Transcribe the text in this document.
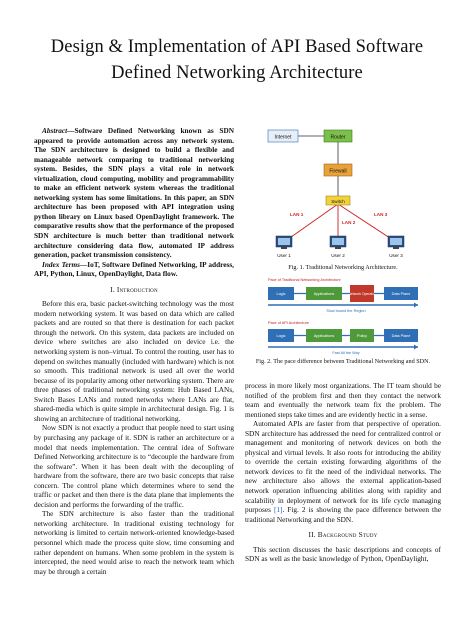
Design & Implementation of API Based Software
Defined Networking Architecture

Abstract—Software Defined Networking known as SDN appeared to provide automation across any network system. The SDN architecture is designed to build a flexible and manageable network comparing to traditional networking system. Besides, the SDN plays a vital role in network virtualization, cloud computing, mobility and programmability to make an efficient network system whereas the traditional networking system has some limitations. In this paper, an SDN architecture has been proposed with API integration using python library on Linux based OpenDaylight framework. The comparative results show that the performance of the proposed SDN architecture is much better than traditional network architecture considering data flow, automated IP address generation, packet transmission consistency.

Index Terms—IoT, Software Defined Networking, IP address, API, Python, Linux, OpenDaylight, Data flow.

I. Introduction

Before this era, basic packet-switching technology was the most modern networking system. It was based on data which are called packets and are routed so that there is destination for each packet through the network. On this system, data packets are included on device where switches are also included on device i.e. the networking system is non–virtual. To control the routing, user has to depend on switches manually (included with hardware) which is not so smooth. This traditional network is used all over the world because of its popularity among other networking system. There are three phases of traditional networking system: Hub Based LANs, Switch Bases LANs and routed networks where LANs are flat, shared-media which is quite simple in architectural design. Fig. 1 is showing an architecture of traditional networking.

Now SDN is not exactly a product that people need to start using by purchasing any package of it. SDN is rather an architecture or a model that needs implementation. The central idea of Software Defined Networking architecture is to “decouple the hardware from the software”. When it has been dealt with the decoupling of hardware from the software, there are two basic concepts that raise concern. The control plane which determines where to send the traffic or packet and then there is the data plane that implements the decision and performs the forwarding of the traffic.

The SDN architecture is also faster than the traditional networking architecture. In traditional existing technology for networking is limited to certain network-oriented knowledge-based personnel which made the process quite slow, time consuming and rather dependent on humans. When some problem in the system is intercepted, the need would arise to reach the network team which may be through a certain

Internet	Router
Firewall
Switch
LAN 1
LAN 2
LAN 3
User 1	User 2	User 3
Fig. 1. Traditional Networking Architecture.
Pace of Traditional Networking Architecture
Logic	Applications	Network Operator	Data Plane
Slow bound the Region
Pace of API Architecture
Logic	Applications	Policy	Data Plane
Fast All the Way
Fig. 2. The pace difference between Traditional Networking and SDN.

process in more likely most organizations. The IT team should be notified of the problem first and then they contact the network team and eventually the network team fix the problem. The mentioned steps take times and are evidently hectic in a sense.

Automated APIs are faster from that perspective of operation. SDN architecture has addressed the need for centralized control or management and monitoring of network devices on both the physical and virtual levels. It also roots for introducing the ability to override the certain existing forwarding algorithms of the network devices to fit the need of the individual networks. The new architecture also allows the external application-based network operation influencing abilities along with rapidity and scalability in deployment of network for its life cycle managing purposes [1]. Fig. 2 is showing the pace difference between the traditional Networking and the SDN.

II. Background Study

This section discusses the basic descriptions and concepts of SDN as well as the basic knowledge of Python, OpenDaylight,
